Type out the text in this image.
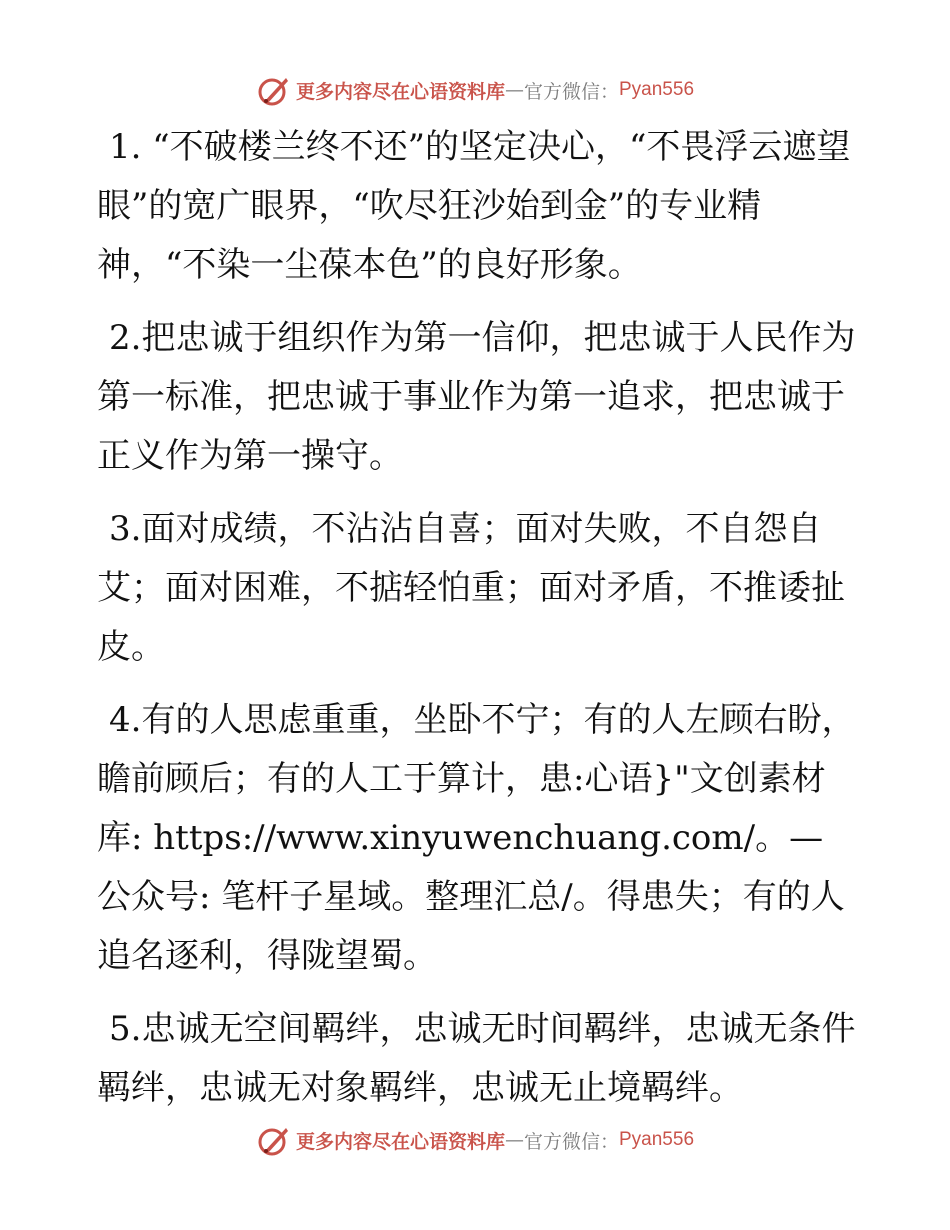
更多内容尽在心语资料库 — 官方微信： Pyan556

1. “不破楼兰终不还”的坚定决心，“不畏浮云遮望眼”的宽广眼界，“吹尽狂沙始到金”的专业精神，“不染一尘葆本色”的良好形象。

2.把忠诚于组织作为第一信仰，把忠诚于人民作为第一标准，把忠诚于事业作为第一追求，把忠诚于正义作为第一操守。

3.面对成绩，不沾沾自喜；面对失败，不自怨自艾；面对困难，不掂轻怕重；面对矛盾，不推诿扯皮。

4.有的人思虑重重，坐卧不宁；有的人左顾右盼，瞻前顾后；有的人工于算计，患:心语}"文创素材库: https://www.xinyuwenchuang.com/。—公众号: 笔杆子星域。整理汇总/。得患失；有的人追名逐利，得陇望蜀。

5.忠诚无空间羁绊，忠诚无时间羁绊，忠诚无条件羁绊，忠诚无对象羁绊，忠诚无止境羁绊。

更多内容尽在心语资料库 — 官方微信： Pyan556
